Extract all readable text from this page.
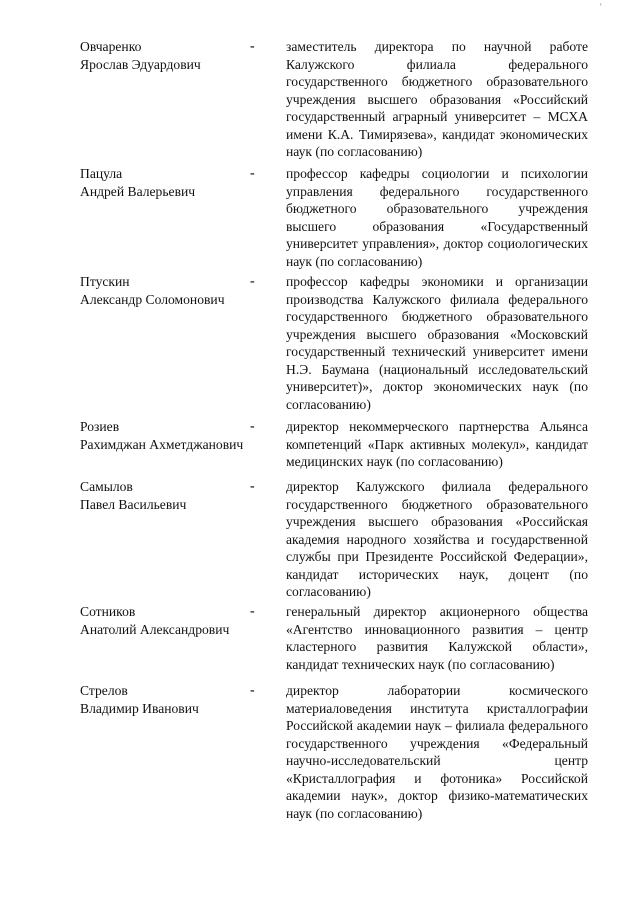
'
Овчаренко
Ярослав Эдуардович
-	заместитель директора по научной работе Калужского филиала федерального государственного бюджетного образовательного учреждения высшего образования «Российский государственный аграрный университет – МСХА имени К.А. Тимирязева», кандидат экономических наук (по согласованию)
Пацула
Андрей Валерьевич
-	профессор кафедры социологии и психологии управления федерального государственного бюджетного образовательного учреждения высшего образования «Государственный университет управления», доктор социологических наук (по согласованию)
Птускин
Александр Соломонович
-	профессор кафедры экономики и организации производства Калужского филиала федерального государственного бюджетного образовательного учреждения высшего образования «Московский государственный технический университет имени Н.Э. Баумана (национальный исследовательский университет)», доктор экономических наук (по согласованию)
Розиев
Рахимджан Ахметджанович
-	директор некоммерческого партнерства Альянса компетенций «Парк активных молекул», кандидат медицинских наук (по согласованию)
Самылов
Павел Васильевич
-	директор Калужского филиала федерального государственного бюджетного образовательного учреждения высшего образования «Российская академия народного хозяйства и государственной службы при Президенте Российской Федерации», кандидат исторических наук, доцент (по согласованию)
Сотников
Анатолий Александрович
-	генеральный директор акционерного общества «Агентство инновационного развития – центр кластерного развития Калужской области», кандидат технических наук (по согласованию)
Стрелов
Владимир Иванович
-	директор лаборатории космического материаловедения института кристаллографии Российской академии наук – филиала федерального государственного учреждения «Федеральный научно-исследовательский центр «Кристаллография и фотоника» Российской академии наук», доктор физико-математических наук (по согласованию)
